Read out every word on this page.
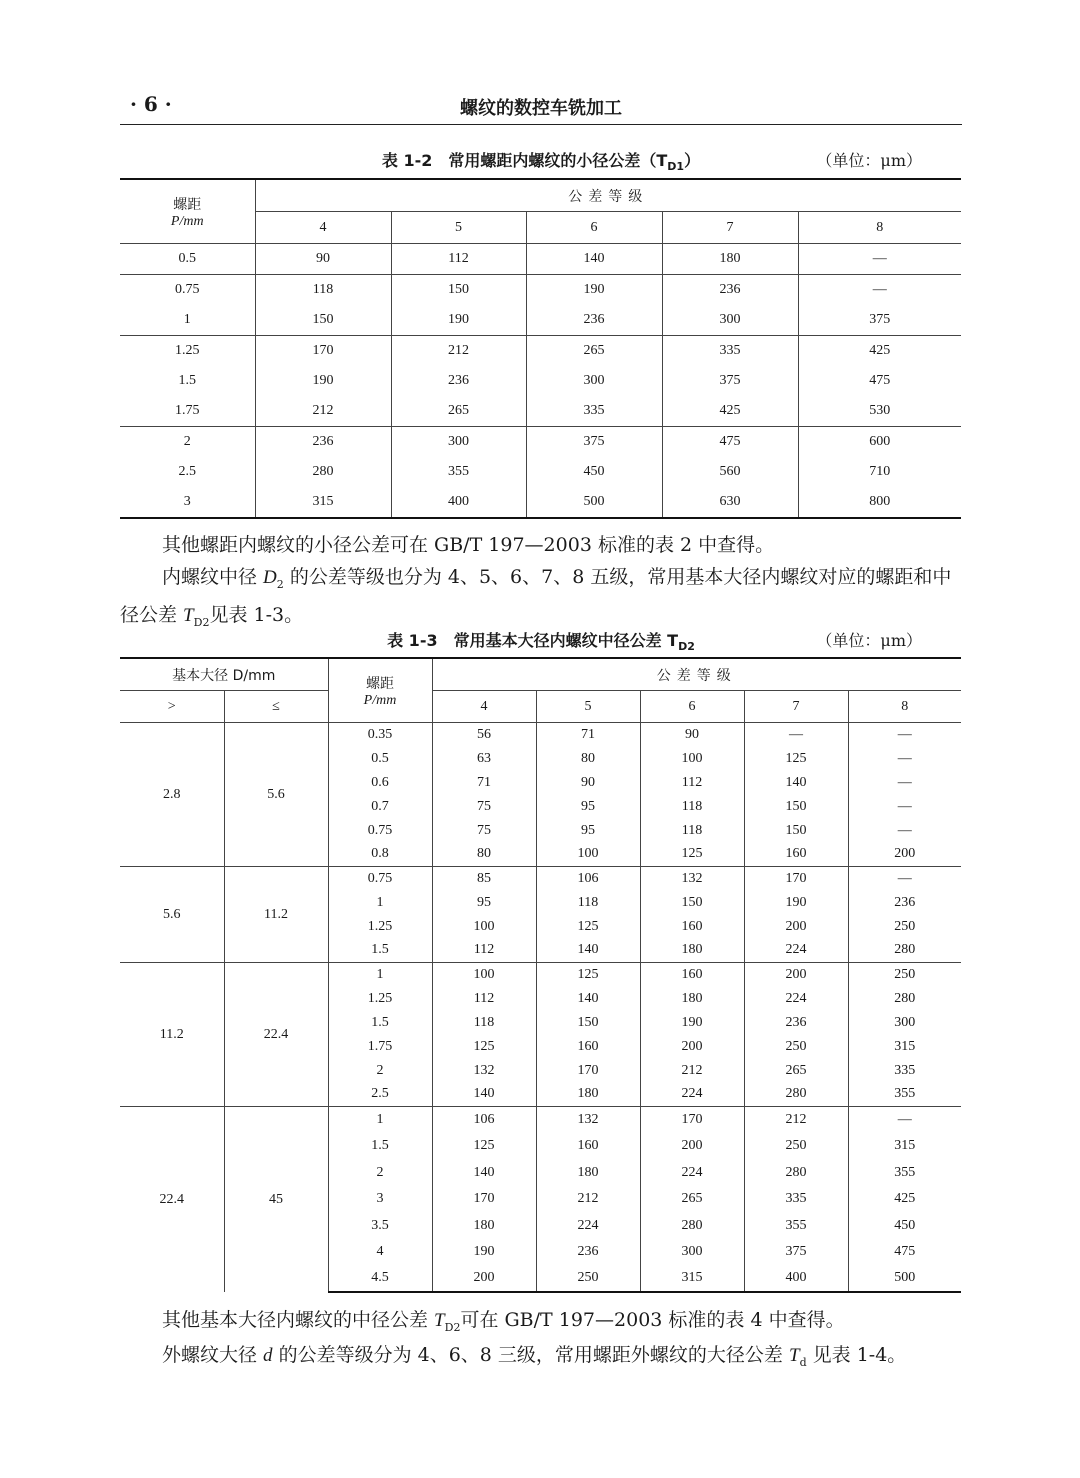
· 6 ·	螺纹的数控车铣加工
表 1-2　常用螺距内螺纹的小径公差$(T_{D1})$	（单位：μm）
螺距
P/mm	公差等级				
	4	5	6	7	8
0.5	90	112	140	180	—
0.75	118	150	190	236	—
1	150	190	236	300	375
1.25	170	212	265	335	425
1.5	190	236	300	375	475
1.75	212	265	335	425	530
2	236	300	375	475	600
2.5	280	355	450	560	710
3	315	400	500	630	800

其他螺距内螺纹的小径公差可在 GB/T 197—2003 标准的表 2 中查得。

内螺纹中径 $D_2$ 的公差等级也分为 4、5、6、7、8 五级，常用基本大径内螺纹对应的螺距和中径公差 $T_{D2}$见表 1-3。

表 1-3　常用基本大径内螺纹中径公差 $T_{D2}$	（单位：μm）
基本大径 D/mm		螺距
P/mm	公差等级				
>	≤		4	5	6	7	8
2.8	5.6	0.35	56	71	90	—	—
		0.5	63	80	100	125	—
		0.6	71	90	112	140	—
		0.7	75	95	118	150	—
		0.75	75	95	118	150	—
		0.8	80	100	125	160	200
5.6	11.2	0.75	85	106	132	170	—
		1	95	118	150	190	236
		1.25	100	125	160	200	250
		1.5	112	140	180	224	280
11.2	22.4	1	100	125	160	200	250
		1.25	112	140	180	224	280
		1.5	118	150	190	236	300
		1.75	125	160	200	250	315
		2	132	170	212	265	335
		2.5	140	180	224	280	355
22.4	45	1	106	132	170	212	—
		1.5	125	160	200	250	315
		2	140	180	224	280	355
		3	170	212	265	335	425
		3.5	180	224	280	355	450
		4	190	236	300	375	475
		4.5	200	250	315	400	500

其他基本大径内螺纹的中径公差 $T_{D2}$可在 GB/T 197—2003 标准的表 4 中查得。

外螺纹大径 d 的公差等级分为 4、6、8 三级，常用螺距外螺纹的大径公差 $T_d$ 见表 1-4。
